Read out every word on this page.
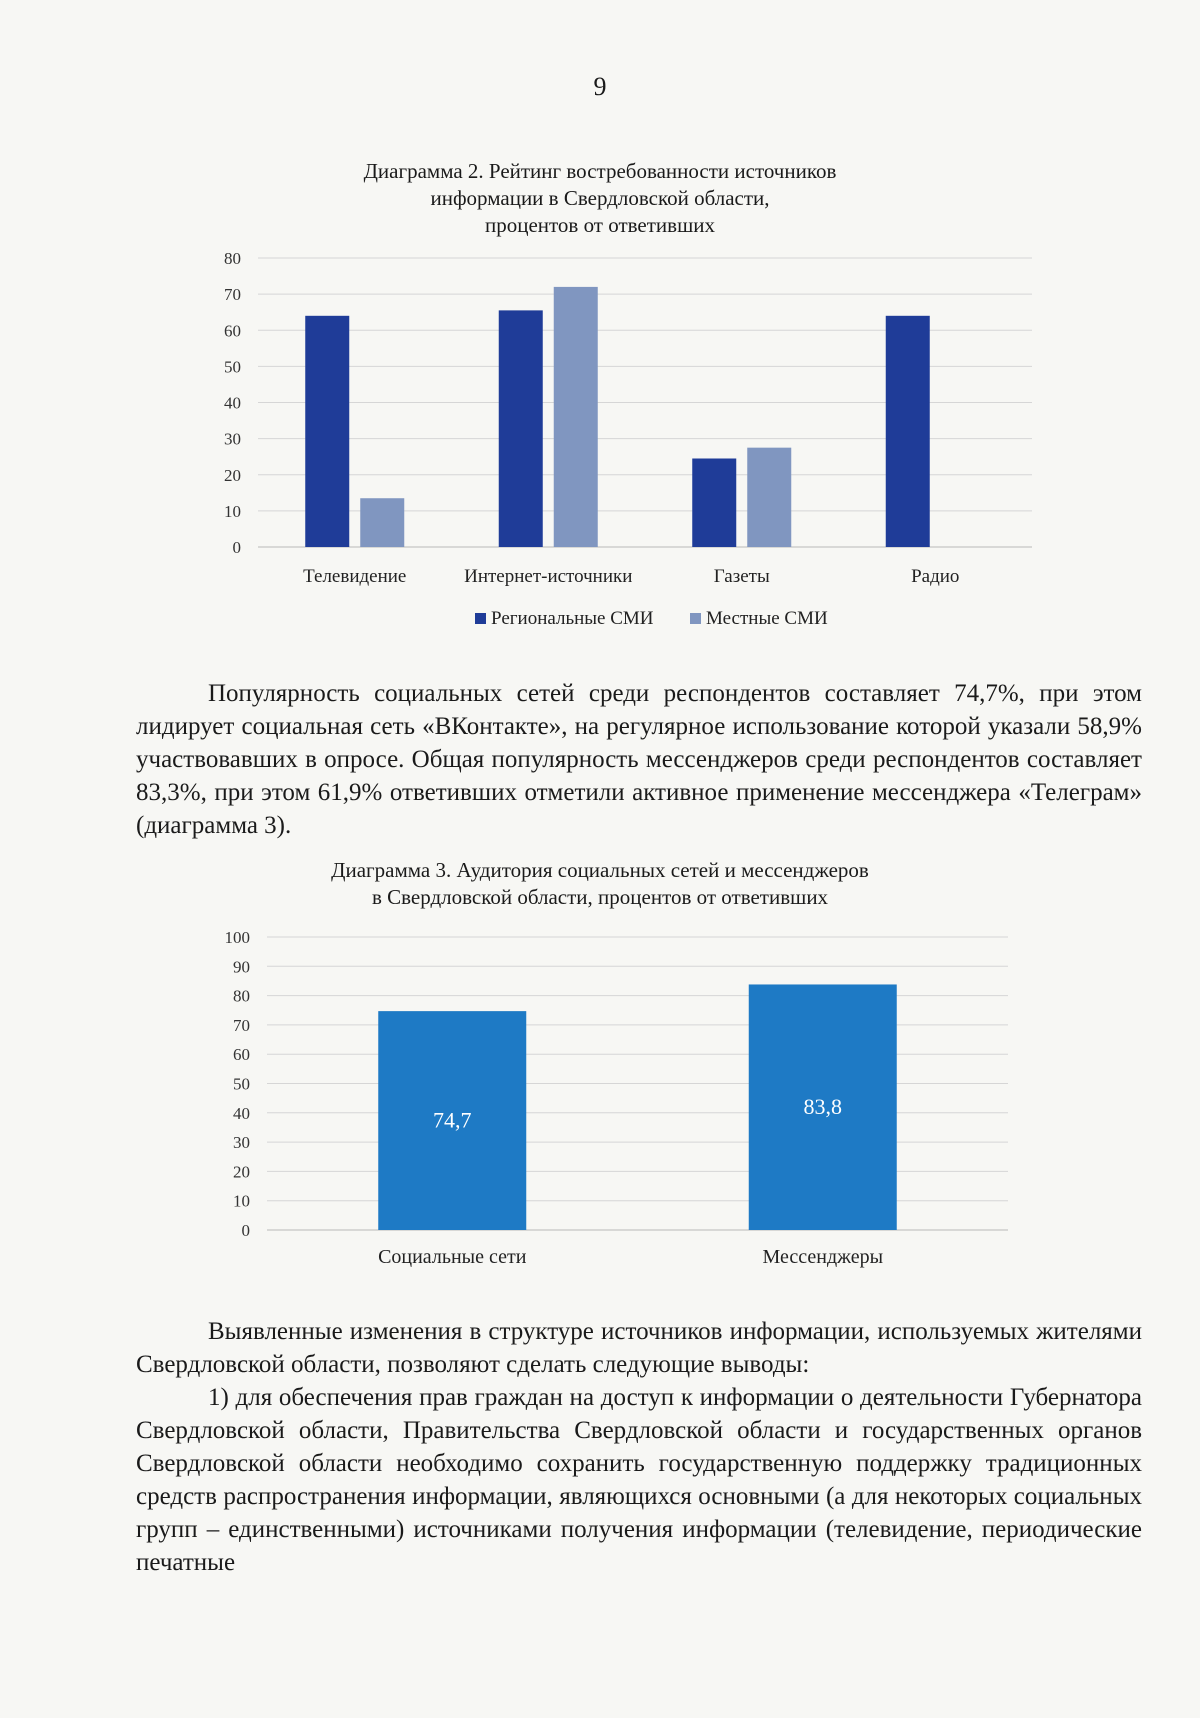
9
Диаграмма 2. Рейтинг востребованности источников
информации в Свердловской области,
процентов от ответивших
0
10
20
30
40
50
60
70
80
Телевидение	Интернет-источники	Газеты	Радио
Региональные СМИ	Местные СМИ
Популярность социальных сетей среди респондентов составляет 74,7%, при этом лидирует социальная сеть «ВКонтакте», на регулярное использование которой указали 58,9% участвовавших в опросе. Общая популярность мессенджеров среди респондентов составляет 83,3%, при этом 61,9% ответивших отметили активное применение мессенджера «Телеграм» (диаграмма 3).
Диаграмма 3. Аудитория социальных сетей и мессенджеров
в Свердловской области, процентов от ответивших
0
10
20
30
40
50
60
70
80
90
100
74,7
Социальные сети
83,8
Мессенджеры
Выявленные изменения в структуре источников информации, используемых жителями Свердловской области, позволяют сделать следующие выводы:
1) для обеспечения прав граждан на доступ к информации о деятельности Губернатора Свердловской области, Правительства Свердловской области и государственных органов Свердловской области необходимо сохранить государственную поддержку традиционных средств распространения информации, являющихся основными (а для некоторых социальных групп – единственными) источниками получения информации (телевидение, периодические печатные
